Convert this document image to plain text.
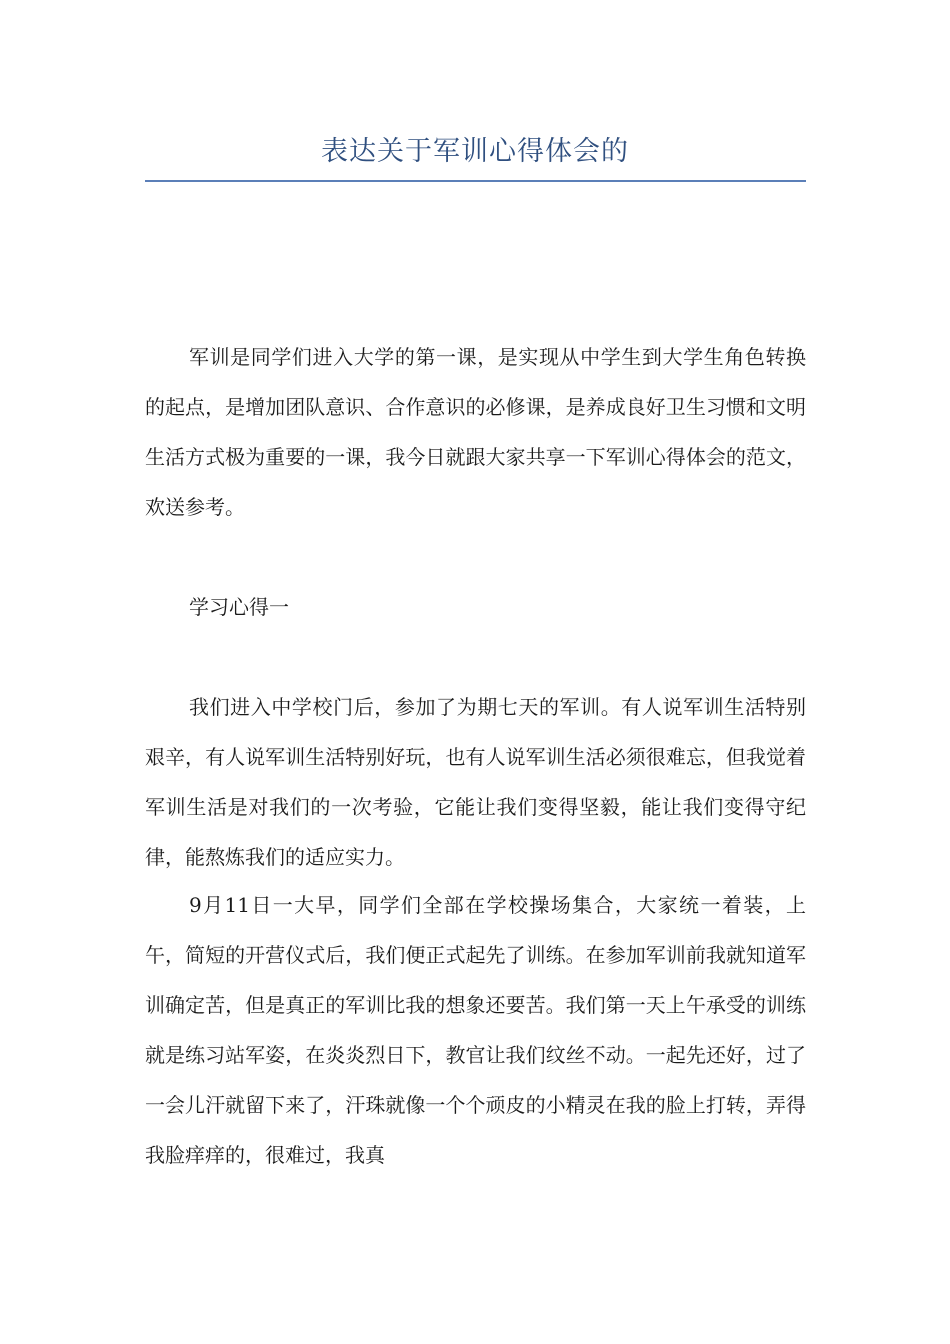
表达关于军训心得体会的

军训是同学们进入大学的第一课，是实现从中学生到大学生角色转换的起点，是增加团队意识、合作意识的必修课，是养成良好卫生习惯和文明生活方式极为重要的一课，我今日就跟大家共享一下军训心得体会的范文，欢送参考。

学习心得一

我们进入中学校门后，参加了为期七天的军训。有人说军训生活特别艰辛，有人说军训生活特别好玩，也有人说军训生活必须很难忘，但我觉着军训生活是对我们的一次考验，它能让我们变得坚毅，能让我们变得守纪律，能熬炼我们的适应实力。

9月11日一大早，同学们全部在学校操场集合，大家统一着装，上午，简短的开营仪式后，我们便正式起先了训练。在参加军训前我就知道军训确定苦，但是真正的军训比我的想象还要苦。我们第一天上午承受的训练就是练习站军姿，在炎炎烈日下，教官让我们纹丝不动。一起先还好，过了一会儿汗就留下来了，汗珠就像一个个顽皮的小精灵在我的脸上打转，弄得我脸痒痒的，很难过，我真
